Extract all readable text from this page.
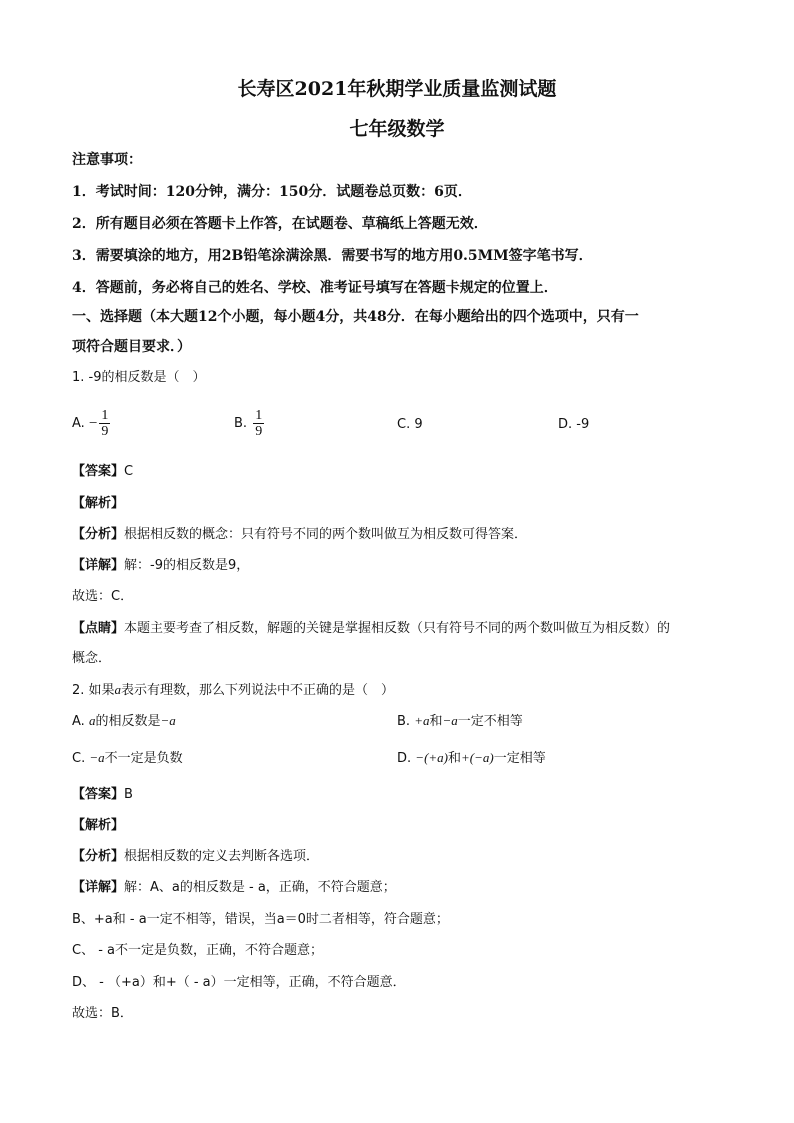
长寿区2021年秋期学业质量监测试题
七年级数学
注意事项：
1．考试时间：120分钟，满分：150分．试题卷总页数：6页．
2．所有题目必须在答题卡上作答，在试题卷、草稿纸上答题无效．
3．需要填涂的地方，用2B铅笔涂满涂黑．需要书写的地方用0.5MM签字笔书写．
4．答题前，务必将自己的姓名、学校、准考证号填写在答题卡规定的位置上．
一、选择题（本大题12个小题，每小题4分，共48分．在每小题给出的四个选项中，只有一
项符合题目要求．）
1. -9的相反数是（　）
A. − $\frac{1}{9}$	B. $\frac{1}{9}$	C. 9	D. -9
【答案】C
【解析】
【分析】根据相反数的概念：只有符号不同的两个数叫做互为相反数可得答案．
【详解】解：-9的相反数是9，
故选：C．
【点睛】本题主要考查了相反数，解题的关键是掌握相反数（只有符号不同的两个数叫做互为相反数）的
概念．
2. 如果a表示有理数，那么下列说法中不正确的是（　）
A. a的相反数是−a	B. +a和−a一定不相等
C. −a不一定是负数	D. −(+a)和+(−a)一定相等
【答案】B
【解析】
【分析】根据相反数的定义去判断各选项．
【详解】解：A、a的相反数是 - a，正确，不符合题意；
B、+a和 - a一定不相等，错误，当a＝0时二者相等，符合题意；
C、 - a不一定是负数，正确，不符合题意；
D、 - （+a）和+（ - a）一定相等，正确，不符合题意．
故选：B．
